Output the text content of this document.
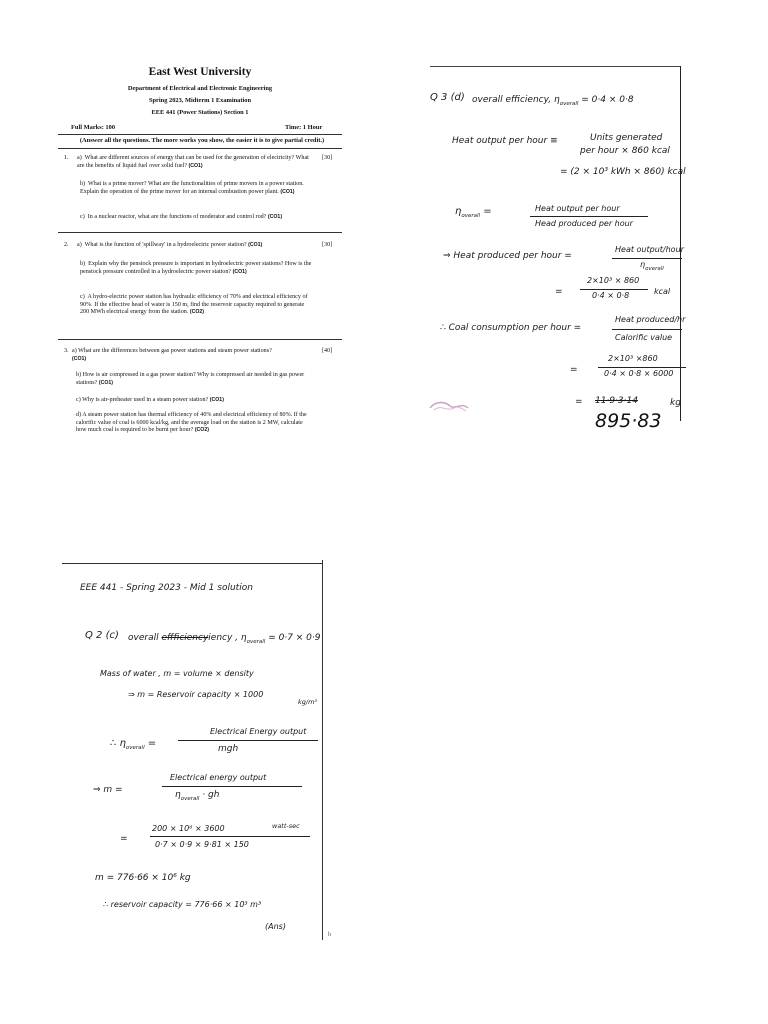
East West University
Department of Electrical and Electronic Engineering
Spring 2023, Midterm 1 Examination
EEE 441 (Power Stations) Section 1
Full Marks: 100	Time: 1 Hour
(Answer all the questions. The more works you show, the easier it is to give partial credit.)
1.	[30]
a) What are different sources of energy that can be used for the generation of electricity? What are the benefits of liquid fuel over solid fuel? (CO1)
b) What is a prime mover? What are the functionalities of prime movers in a power station. Explain the operation of the prime mover for an internal combustion power plant. (CO1)
c) In a nuclear reactor, what are the functions of moderator and control rod? (CO1)
2.	[30]
a) What is the function of 'spillway' in a hydroelectric power station? (CO1)
b) Explain why the penstock pressure is important in hydroelectric power stations? How is the penstock pressure controlled in a hydroelectric power station? (CO1)
c) A hydro-electric power station has hydraulic efficiency of 70% and electrical efficiency of 90%. If the effective head of water is 150 m, find the reservoir capacity required to generate 200 MWh electrical energy from the station. (CO2)
3.	[40]
a) What are the differences between gas power stations and steam power stations?
(CO1)
b) How is air compressed in a gas power station? Why is compressed air needed in gas power stations? (CO1)
c) Why is air-preheater used in a steam power station? (CO1)
d) A steam power station has thermal efficiency of 40% and electrical efficiency of 80%. If the calorific value of coal is 6000 kcal/kg, and the average load on the station is 2 MW, calculate how much coal is required to be burnt per hour? (CO2)
Q 3 (d) overall efficiency, $\eta_{overall} = 0\cdot 4 \times 0\cdot 8$
Heat output per hour ≡	Units generated
per hour × 860 kcal
= (2 × 10³ kWh × 860) kcal
$\eta_{overall}$ =	Heat output per hour
Head produced per hour
⇒ Heat produced per hour =
Heat output/hour
$\eta_{overall}$
=
2×10³ × 860
0·4 × 0·8	kcal
∴ Coal consumption per hour =
Heat produced/hr
Calorific value
=
2×10³ ×860
0·4 × 0·8 × 6000
= 11·9·3·14	kg
895·83
EEE 441 - Spring 2023 - Mid 1 solution
Q 2 (c) overall effficiencyiency , $\eta_{overall} = 0\cdot 7 \times 0\cdot 9$
Mass of water , m = volume × density
⇒ m = Reservoir capacity × 1000
kg/m³
∴ $\eta_{overall}$ =
Electrical Energy output
mgh
⇒ m =
Electrical energy output
$\eta_{overall}$ · gh
=
200 × 10⁶ × 3600	watt-sec
0·7 × 0·9 × 9·81 × 150
m = 776·66 × 10⁶ kg
∴ reservoir capacity = 776·66 × 10³ m³
(Ans)
h
